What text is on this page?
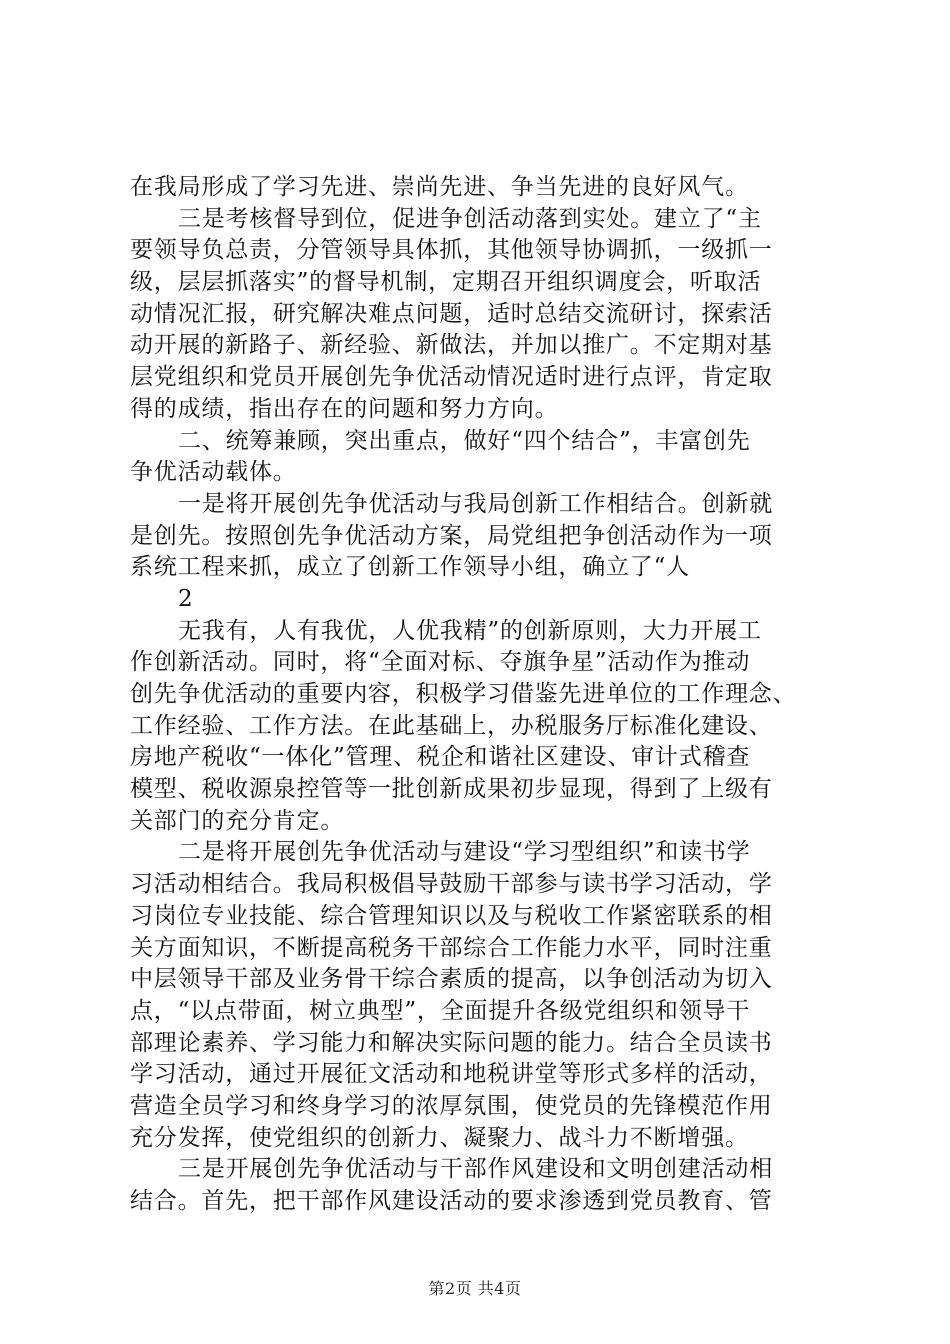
在我局形成了学习先进、崇尚先进、争当先进的良好风气。
三是考核督导到位，促进争创活动落到实处。建立了“主
要领导负总责，分管领导具体抓，其他领导协调抓，一级抓一
级，层层抓落实”的督导机制，定期召开组织调度会，听取活
动情况汇报，研究解决难点问题，适时总结交流研讨，探索活
动开展的新路子、新经验、新做法，并加以推广。不定期对基
层党组织和党员开展创先争优活动情况适时进行点评，肯定取
得的成绩，指出存在的问题和努力方向。
二、统筹兼顾，突出重点，做好“四个结合”，丰富创先
争优活动载体。
一是将开展创先争优活动与我局创新工作相结合。创新就
是创先。按照创先争优活动方案，局党组把争创活动作为一项
系统工程来抓，成立了创新工作领导小组，确立了“人
2
无我有，人有我优，人优我精”的创新原则，大力开展工
作创新活动。同时，将“全面对标、夺旗争星”活动作为推动
创先争优活动的重要内容，积极学习借鉴先进单位的工作理念、
工作经验、工作方法。在此基础上，办税服务厅标准化建设、
房地产税收“一体化”管理、税企和谐社区建设、审计式稽查
模型、税收源泉控管等一批创新成果初步显现，得到了上级有
关部门的充分肯定。
二是将开展创先争优活动与建设“学习型组织”和读书学
习活动相结合。我局积极倡导鼓励干部参与读书学习活动，学
习岗位专业技能、综合管理知识以及与税收工作紧密联系的相
关方面知识，不断提高税务干部综合工作能力水平，同时注重
中层领导干部及业务骨干综合素质的提高，以争创活动为切入
点，“以点带面，树立典型”，全面提升各级党组织和领导干
部理论素养、学习能力和解决实际问题的能力。结合全员读书
学习活动，通过开展征文活动和地税讲堂等形式多样的活动，
营造全员学习和终身学习的浓厚氛围，使党员的先锋模范作用
充分发挥，使党组织的创新力、凝聚力、战斗力不断增强。
三是开展创先争优活动与干部作风建设和文明创建活动相
结合。首先，把干部作风建设活动的要求渗透到党员教育、管
第2页 共4页
